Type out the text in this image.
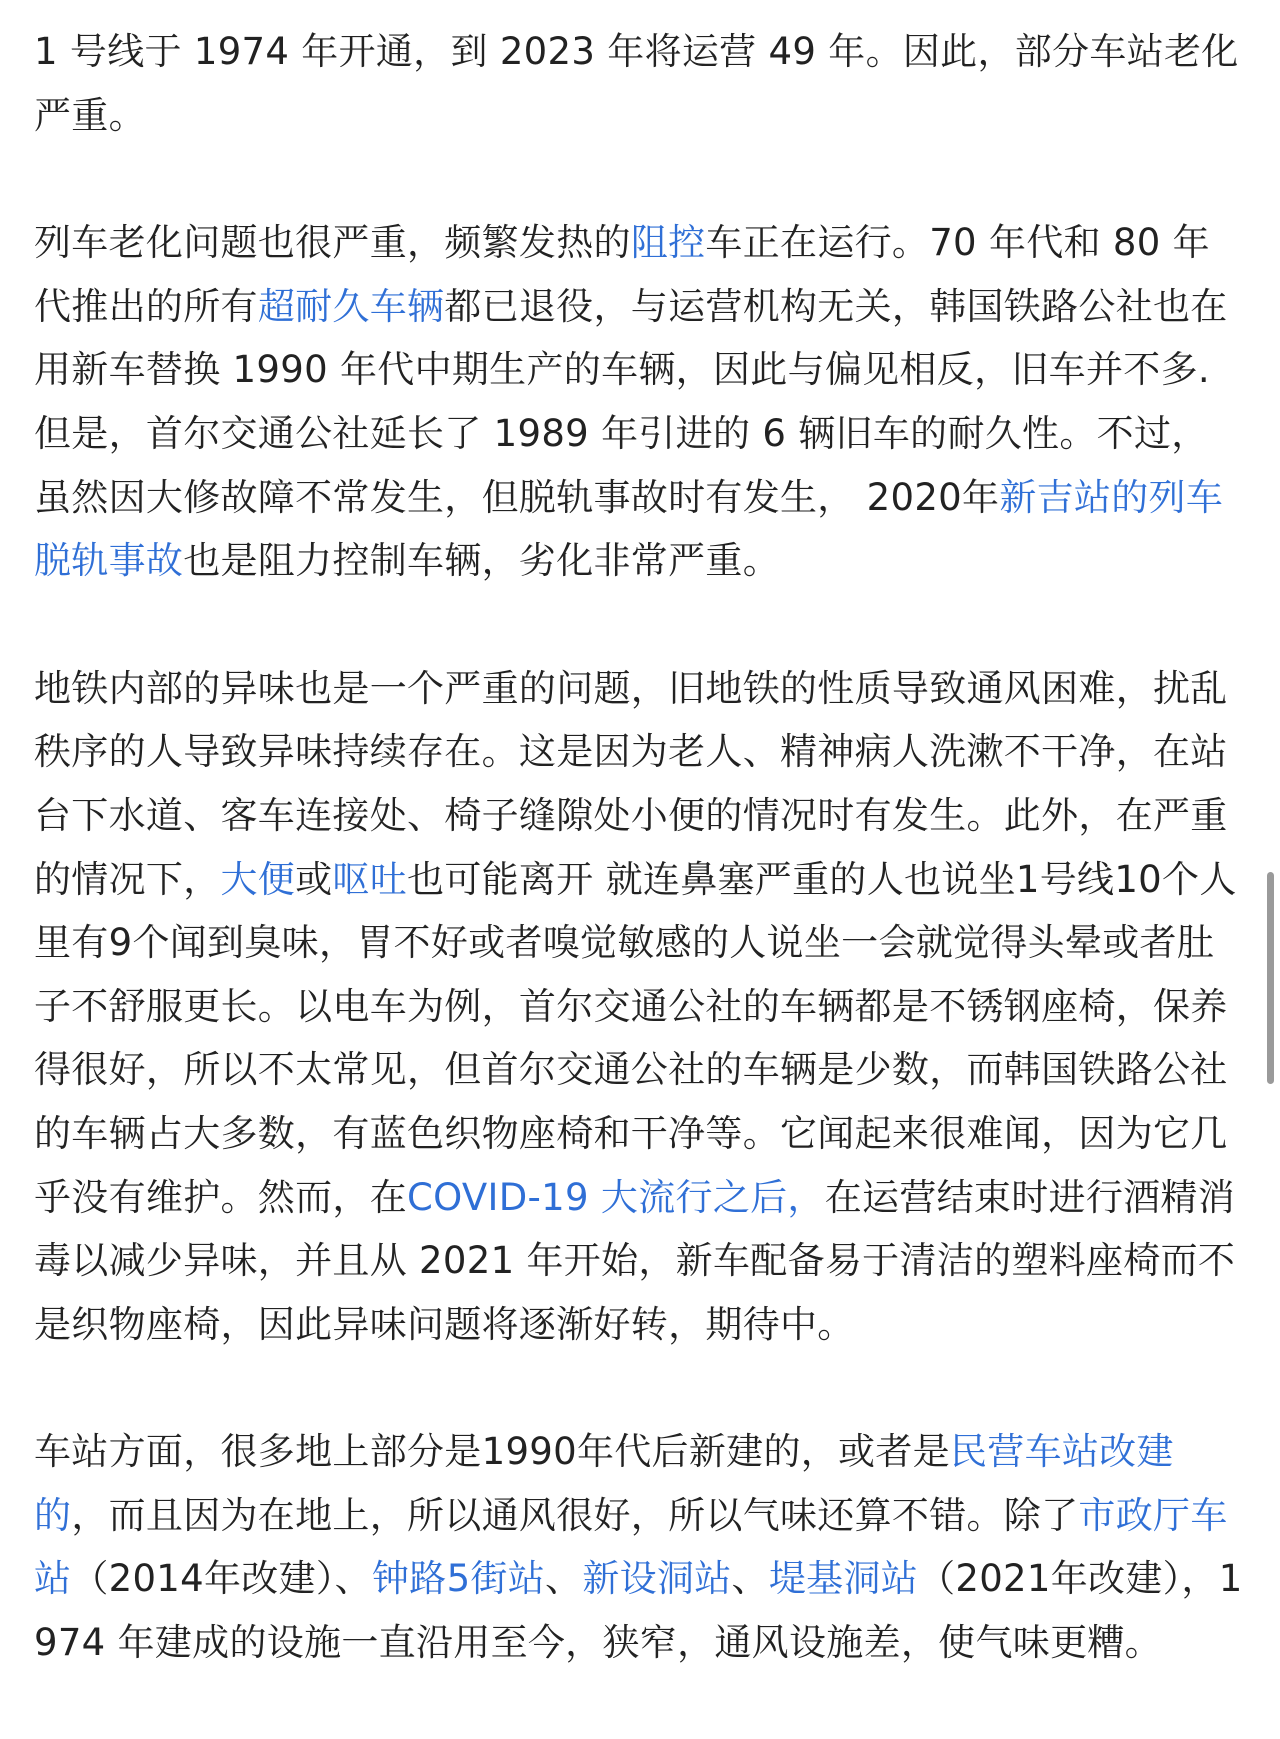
1 号线于 1974 年开通，到 2023 年将运营 49 年。因此，部分车站老化严重。

列车老化问题也很严重，频繁发热的阻控车正在运行。70 年代和 80 年代推出的所有超耐久车辆都已退役，与运营机构无关，韩国铁路公社也在用新车替换 1990 年代中期生产的车辆，因此与偏见相反，旧车并不多. 但是，首尔交通公社延长了 1989 年引进的 6 辆旧车的耐久性。不过，虽然因大修故障不常发生，但脱轨事故时有发生， 2020年新吉站的列车脱轨事故也是阻力控制车辆，劣化非常严重。

地铁内部的异味也是一个严重的问题，旧地铁的性质导致通风困难，扰乱秩序的人导致异味持续存在。这是因为老人、精神病人洗漱不干净，在站台下水道、客车连接处、椅子缝隙处小便的情况时有发生。此外，在严重的情况下，大便或呕吐也可能离开 就连鼻塞严重的人也说坐1号线10个人里有9个闻到臭味，胃不好或者嗅觉敏感的人说坐一会就觉得头晕或者肚子不舒服更长。以电车为例，首尔交通公社的车辆都是不锈钢座椅，保养得很好，所以不太常见，但首尔交通公社的车辆是少数，而韩国铁路公社的车辆占大多数，有蓝色织物座椅和干净等。它闻起来很难闻，因为它几乎没有维护。然而，在COVID-19 大流行之后，在运营结束时进行酒精消毒以减少异味，并且从 2021 年开始，新车配备易于清洁的塑料座椅而不是织物座椅，因此异味问题将逐渐好转，期待中。

车站方面，很多地上部分是1990年代后新建的，或者是民营车站改建的，而且因为在地上，所以通风很好，所以气味还算不错。除了市政厅车站（2014年改建）、钟路5街站、新设洞站、堤基洞站（2021年改建），1974 年建成的设施一直沿用至今，狭窄，通风设施差，使气味更糟。
